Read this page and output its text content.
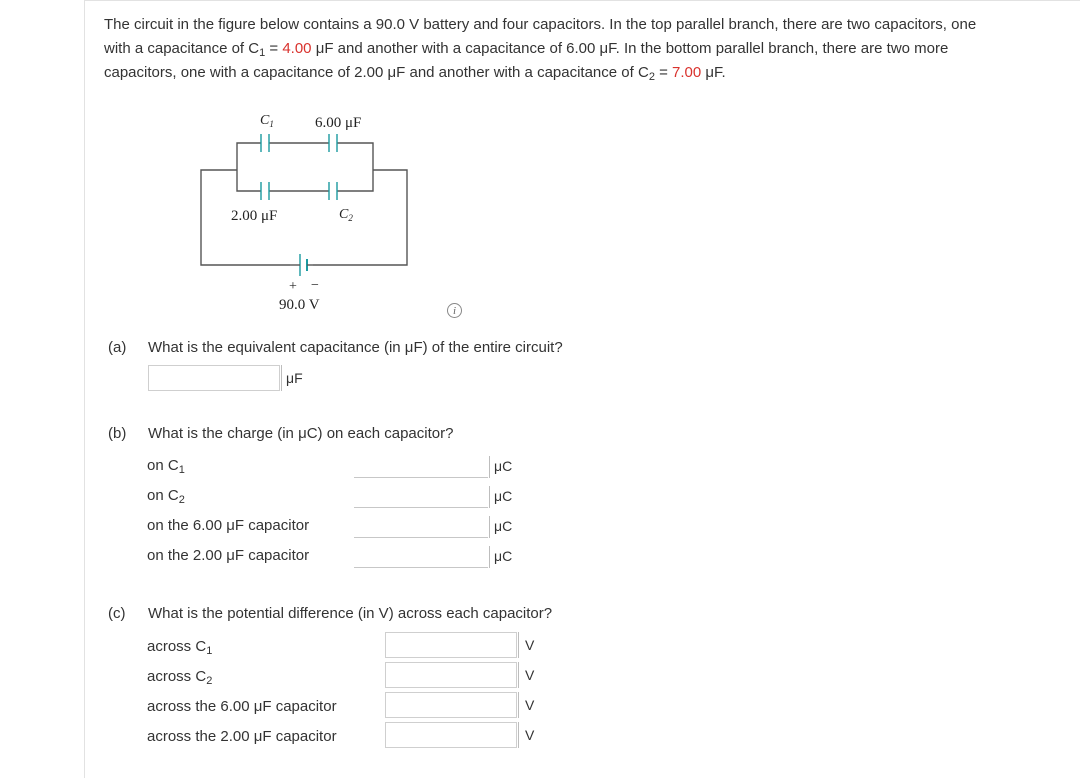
The circuit in the figure below contains a 90.0 V battery and four capacitors. In the top parallel branch, there are two capacitors, one
with a capacitance of $C_1 = 4.00$ μF and another with a capacitance of 6.00 μF. In the bottom parallel branch, there are two more
capacitors, one with a capacitance of 2.00 μF and another with a capacitance of $C_2 = 7.00$ μF.
$C_1$	6.00 μF
2.00 μF	$C_2$
+ −
90.0 V	i
(a) What is the equivalent capacitance (in μF) of the entire circuit?
μF
(b) What is the charge (in μC) on each capacitor?
on $C_1$	μC
on $C_2$	μC
on the 6.00 μF capacitor	μC
on the 2.00 μF capacitor	μC
(c) What is the potential difference (in V) across each capacitor?
across $C_1$	V
across $C_2$	V
across the 6.00 μF capacitor	V
across the 2.00 μF capacitor	V
